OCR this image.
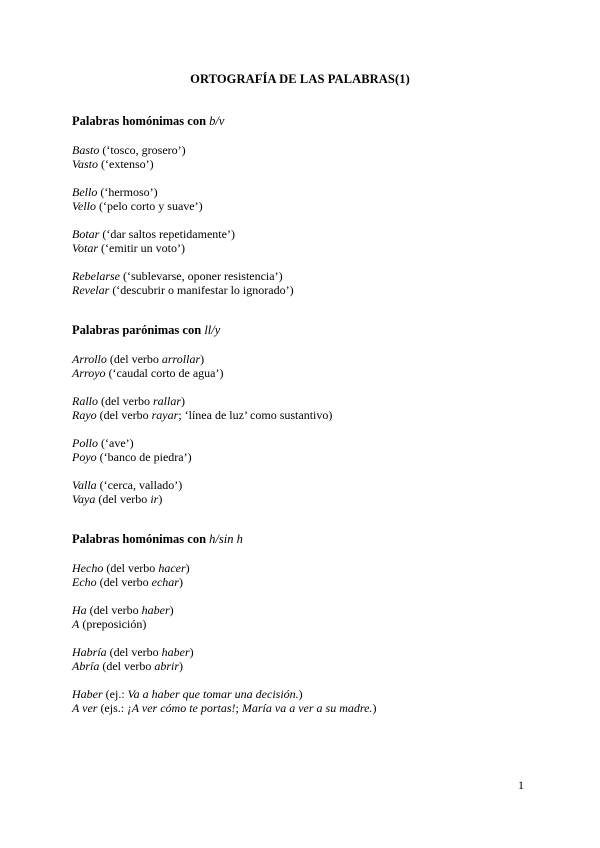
ORTOGRAFÍA DE LAS PALABRAS(1)
Palabras homónimas con b/v
Basto (‘tosco, grosero’)
Vasto (‘extenso’)
Bello (‘hermoso’)
Vello (‘pelo corto y suave’)
Botar (‘dar saltos repetidamente’)
Votar (‘emitir un voto’)
Rebelarse (‘sublevarse, oponer resistencia’)
Revelar (‘descubrir o manifestar lo ignorado’)
Palabras parónimas con ll/y
Arrollo (del verbo arrollar)
Arroyo (‘caudal corto de agua’)
Rallo (del verbo rallar)
Rayo (del verbo rayar; ‘línea de luz’ como sustantivo)
Pollo (‘ave’)
Poyo (‘banco de piedra’)
Valla (‘cerca, vallado’)
Vaya (del verbo ir)
Palabras homónimas con h/sin h
Hecho (del verbo hacer)
Echo (del verbo echar)
Ha (del verbo haber)
A (preposición)
Habría (del verbo haber)
Abría (del verbo abrir)
Haber (ej.: Va a haber que tomar una decisión.)
A ver (ejs.: ¡A ver cómo te portas!; María va a ver a su madre.)
1
